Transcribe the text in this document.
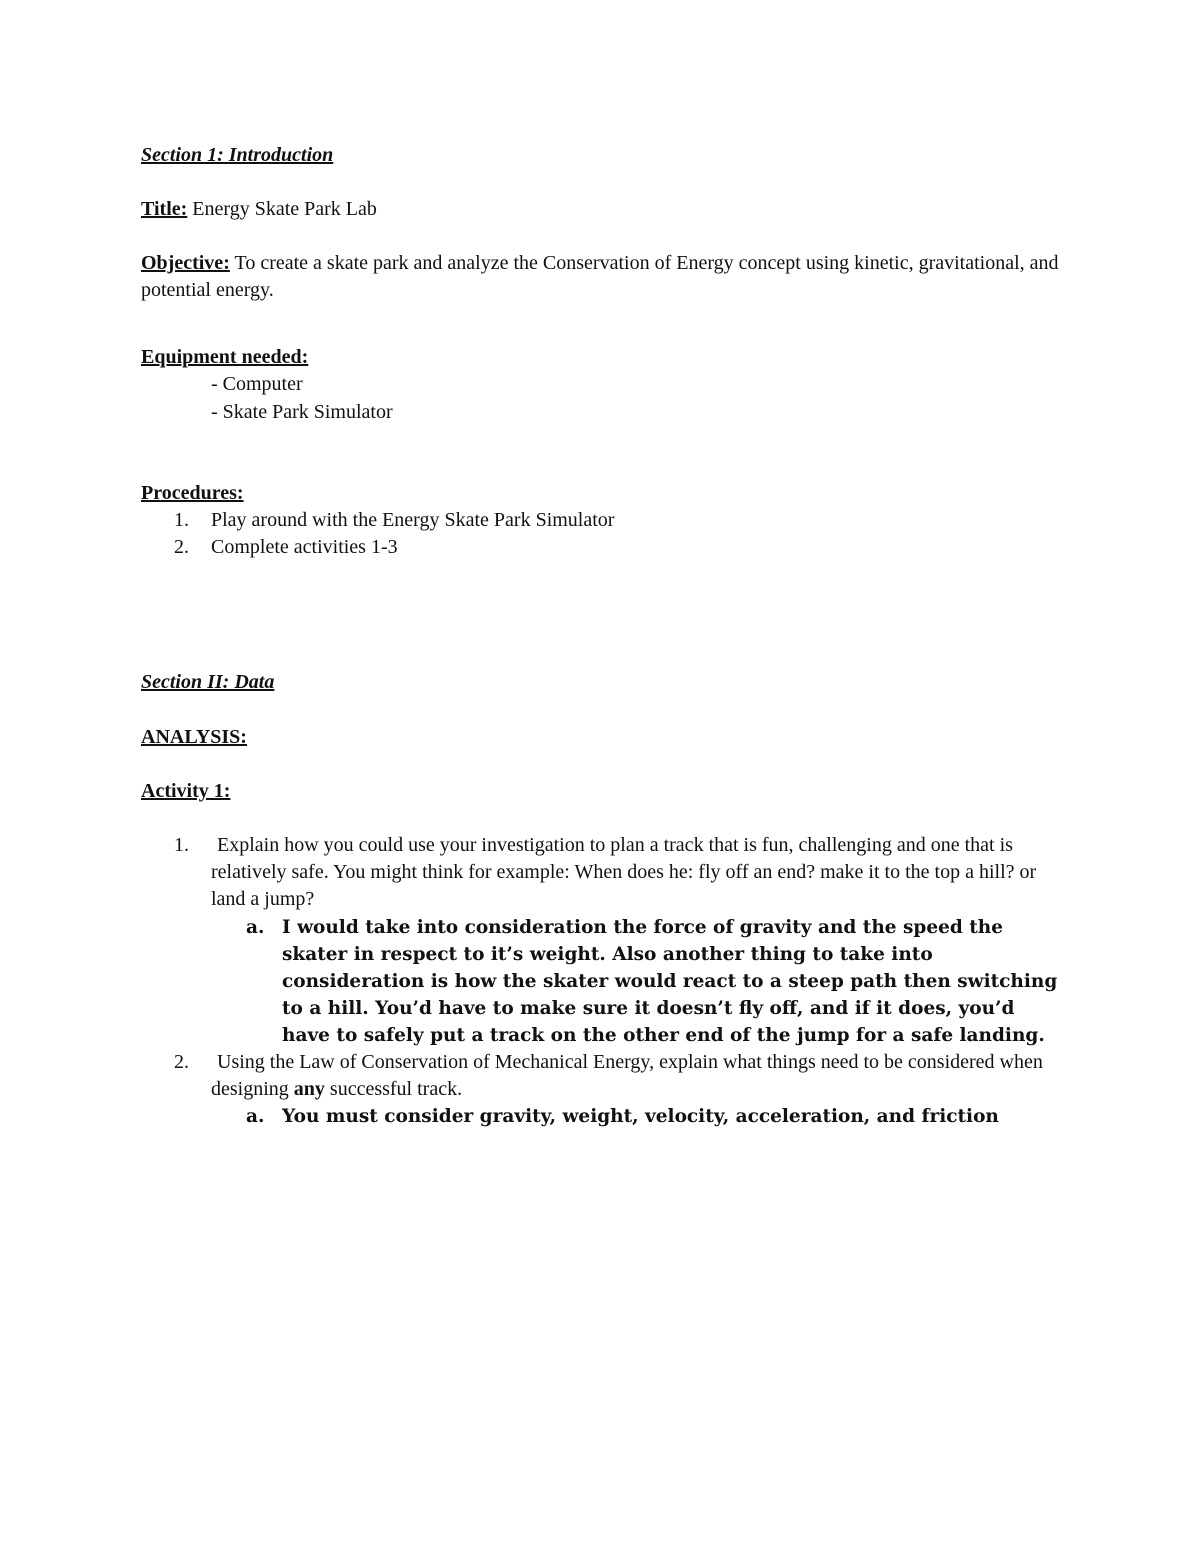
Section 1: Introduction
Title: Energy Skate Park Lab
Objective: To create a skate park and analyze the Conservation of Energy concept using kinetic, gravitational, and potential energy.
Equipment needed:
- Computer
- Skate Park Simulator
Procedures:
1. Play around with the Energy Skate Park Simulator
2. Complete activities 1-3
Section II: Data
ANALYSIS:
Activity 1:
1.	Explain how you could use your investigation to plan a track that is fun, challenging and one that is relatively safe. You might think for example: When does he: fly off an end? make it to the top a hill? or land a jump?
a. I would take into consideration the force of gravity and the speed the skater in respect to it’s weight. Also another thing to take into consideration is how the skater would react to a steep path then switching to a hill. You’d have to make sure it doesn’t fly off, and if it does, you’d have to safely put a track on the other end of the jump for a safe landing.
2.	Using the Law of Conservation of Mechanical Energy, explain what things need to be considered when designing any successful track.
a. You must consider gravity, weight, velocity, acceleration, and friction
